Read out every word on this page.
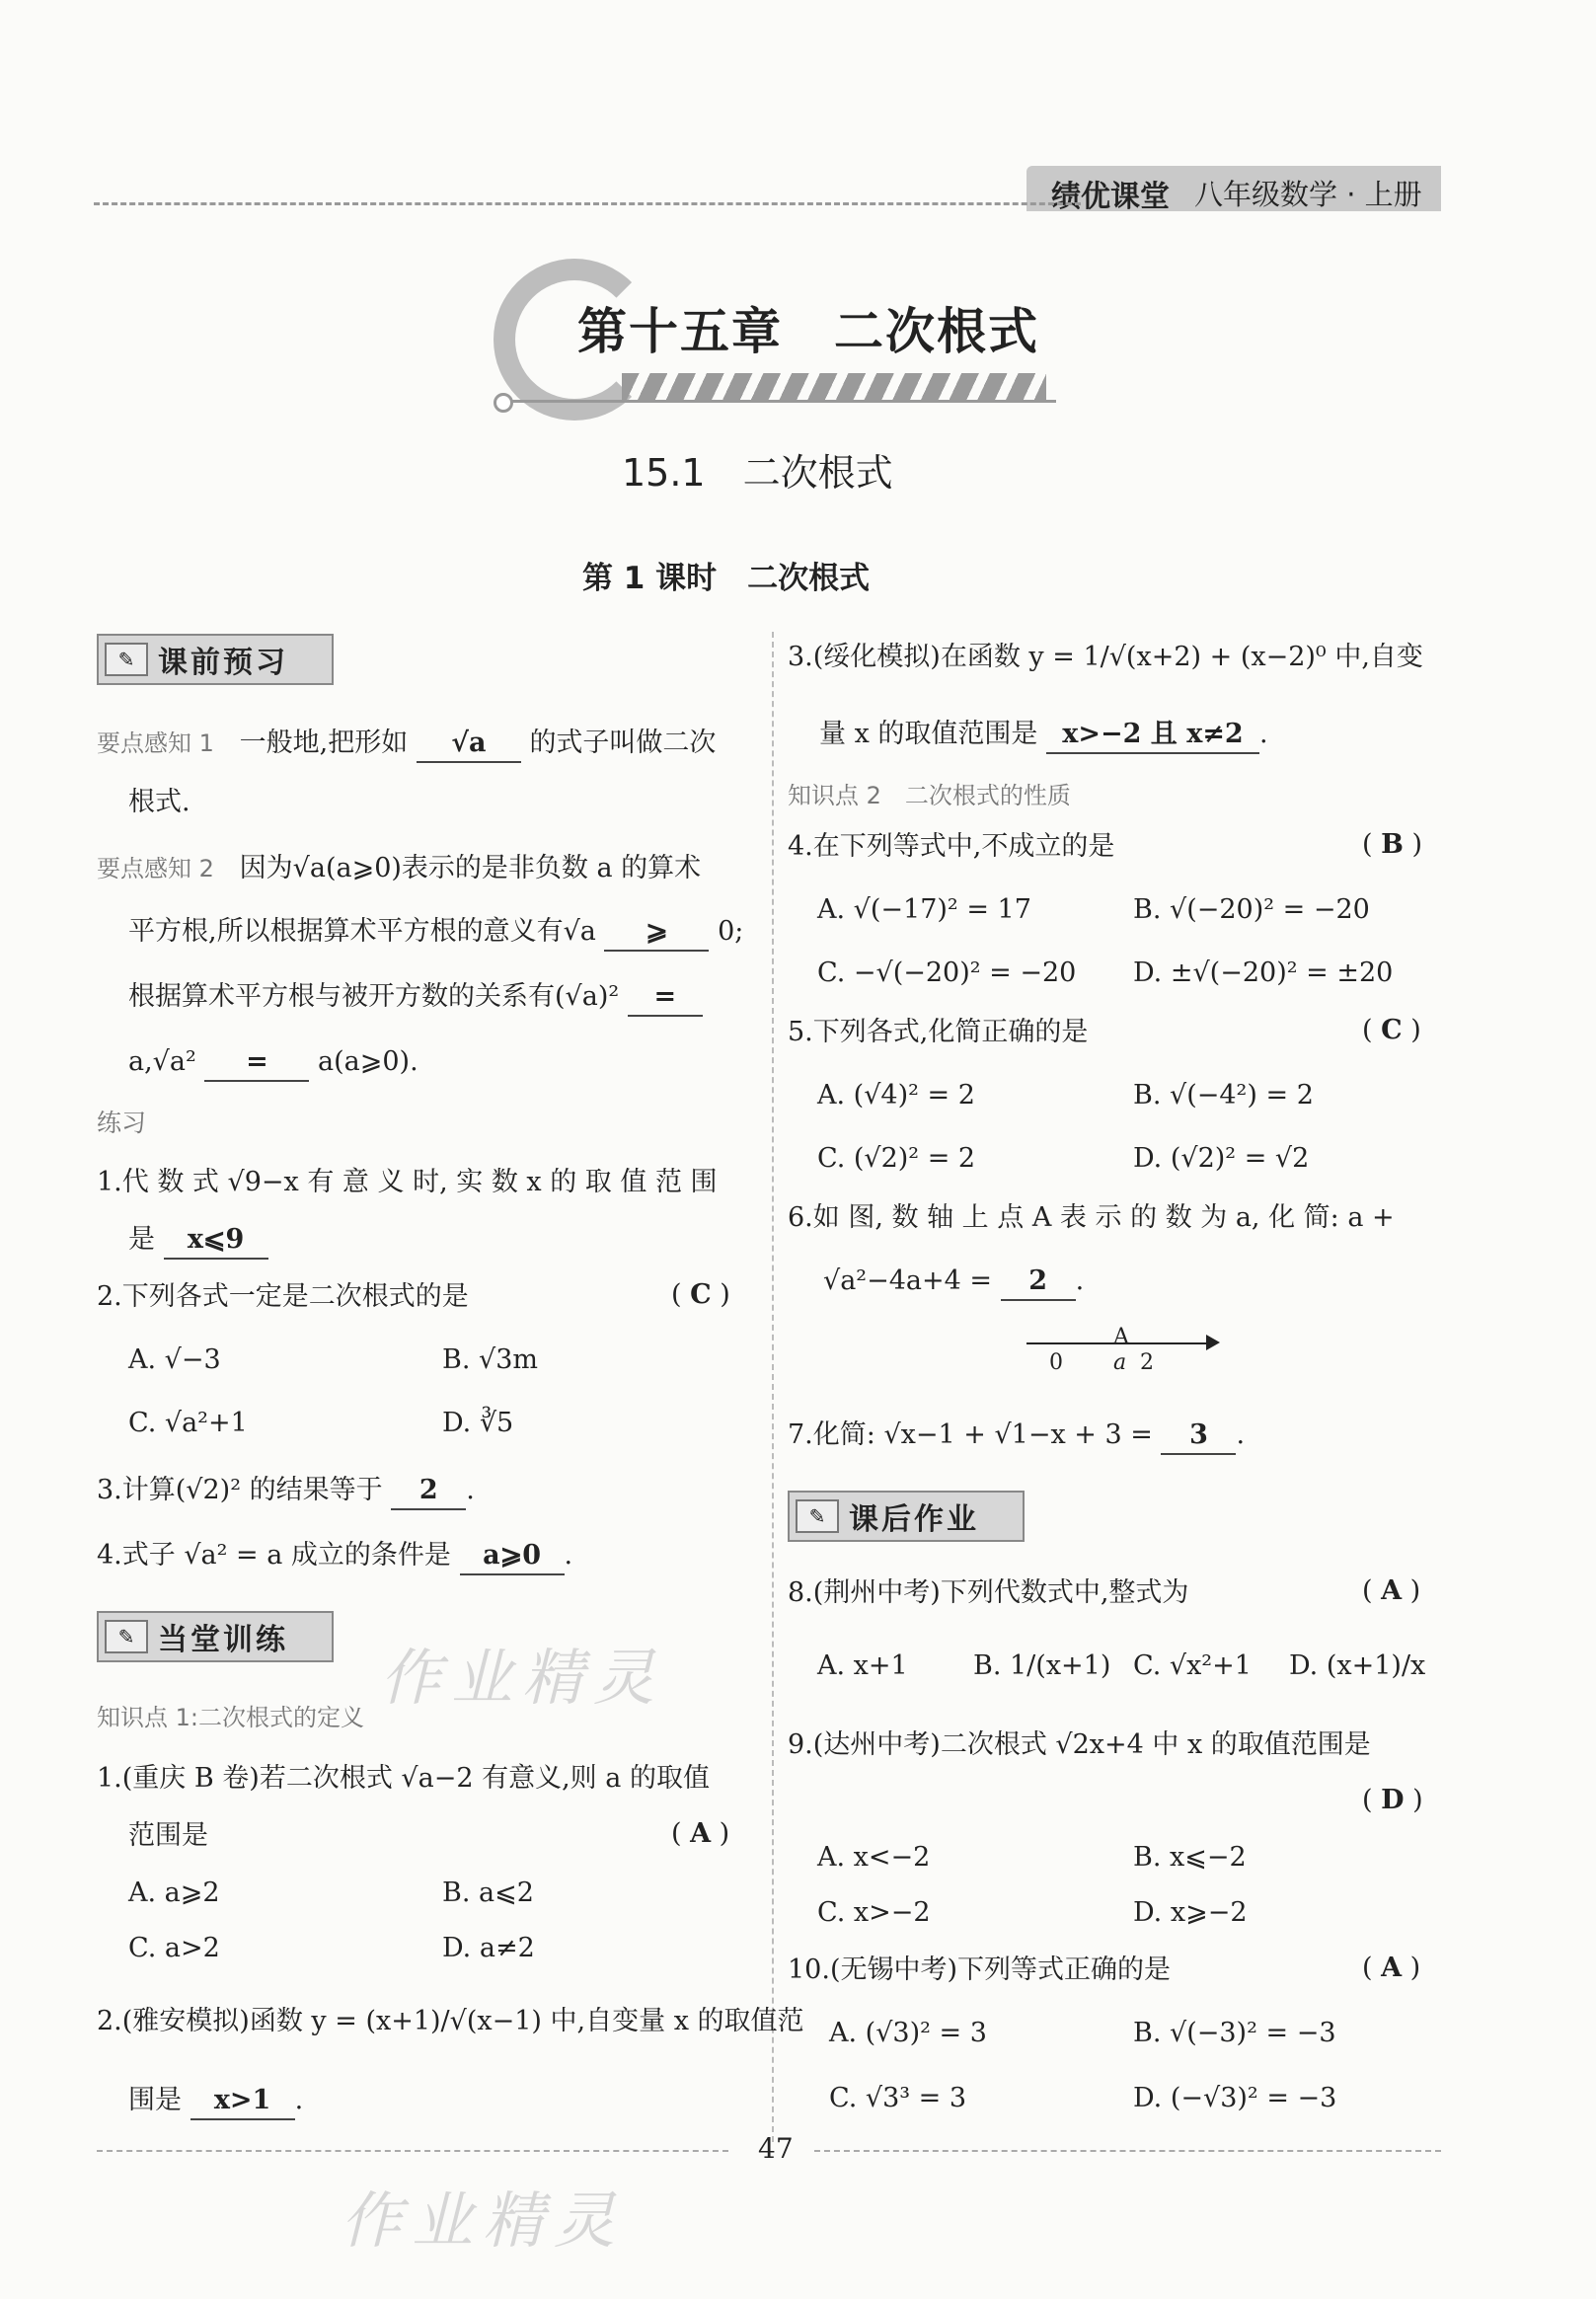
绩优课堂 八年级数学 · 上册
第十五章　二次根式
15.1　二次根式
第 1 课时　二次根式
✎ 课前预习
要点感知 1 一般地,把形如 √a 的式子叫做二次
根式.
要点感知 2 因为√a(a⩾0)表示的是非负数 a 的算术
平方根,所以根据算术平方根的意义有√a ⩾ 0;
根据算术平方根与被开方数的关系有(√a)² =
a,√a² = a(a⩾0).
练习
1.代 数 式 √9−x 有 意 义 时, 实 数 x 的 取 值 范 围
是 x⩽9
2.下列各式一定是二次根式的是	( C )
A. √−3	B. √3m
C. √a²+1	D. ∛5
3.计算(√2)² 的结果等于 2 .
4.式子 √a² = a 成立的条件是 a⩾0 .
✎ 当堂训练
知识点 1:二次根式的定义
1.(重庆 B 卷)若二次根式 √a−2 有意义,则 a 的取值
范围是	( A )
A. a⩾2	B. a⩽2
C. a>2	D. a≠2
2.(雅安模拟)函数 y = (x+1)/√(x−1) 中,自变量 x 的取值范
围是 x>1 .
3.(绥化模拟)在函数 y = 1/√(x+2) + (x−2)⁰ 中,自变
量 x 的取值范围是 x>−2 且 x≠2 .
知识点 2　二次根式的性质
4.在下列等式中,不成立的是	( B )
A. √(−17)² = 17	B. √(−20)² = −20
C. −√(−20)² = −20 D. ±√(−20)² = ±20
5.下列各式,化简正确的是	( C )
A. (√4)² = 2	B. √(−4²) = 2
C. (√2)² = 2	D. (√2)² = √2
6.如 图, 数 轴 上 点 A 表 示 的 数 为 a, 化 简: a +
√a²−4a+4 = 2 .
A
0 a 2
7.化简: √x−1 + √1−x + 3 = 3 .
✎ 课后作业
8.(荆州中考)下列代数式中,整式为	( A )
A. x+1 B. 1/(x+1) C. √x²+1 D. (x+1)/x
9.(达州中考)二次根式 √2x+4 中 x 的取值范围是
( D )
A. x<−2	B. x⩽−2
C. x>−2	D. x⩾−2
10.(无锡中考)下列等式正确的是	( A )
A. (√3)² = 3	B. √(−3)² = −3
C. √3³ = 3	D. (−√3)² = −3
作业精灵
作业精灵
47
